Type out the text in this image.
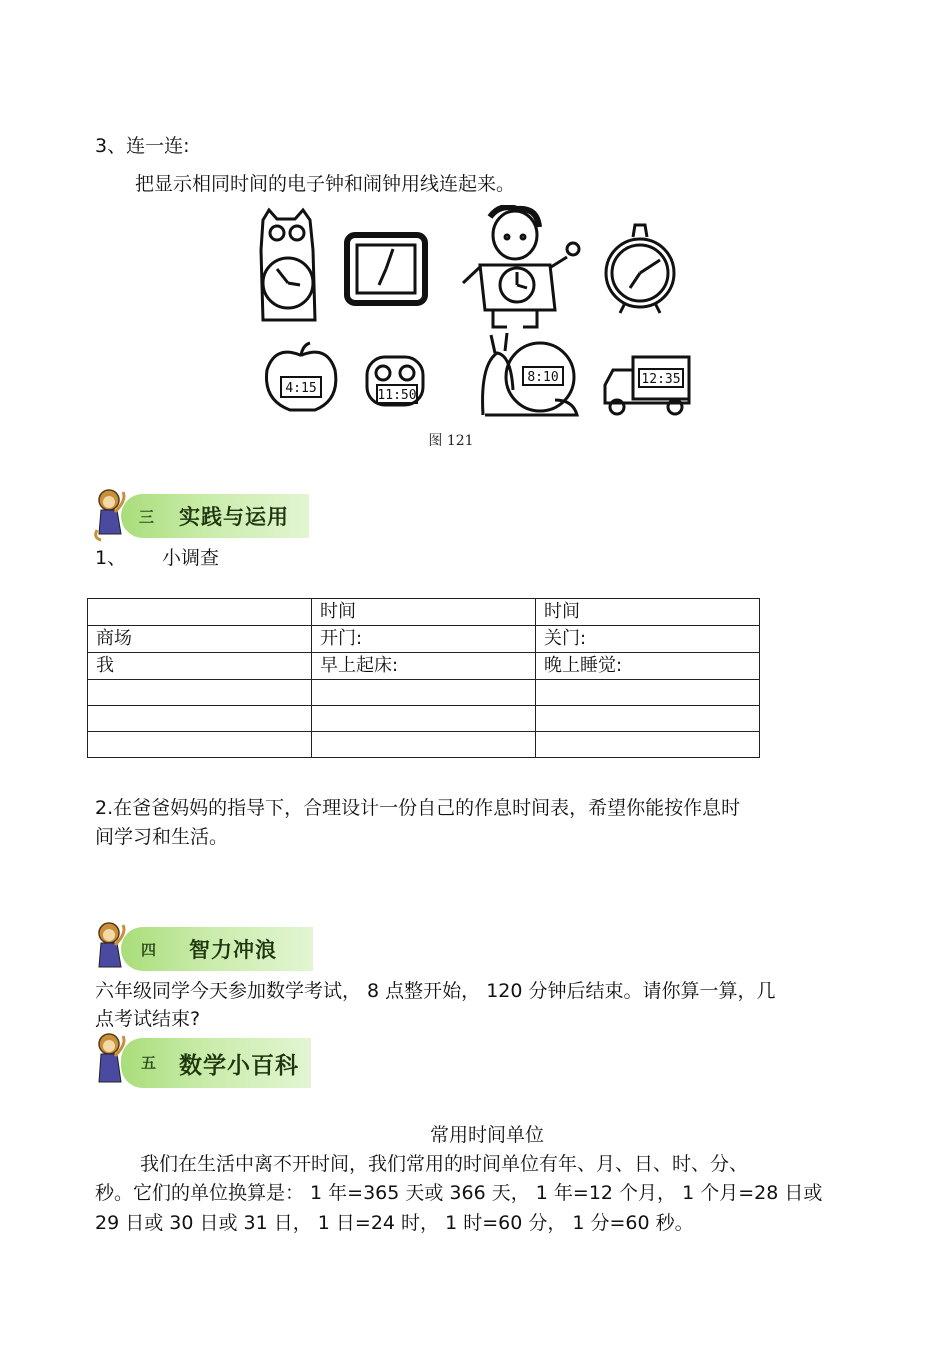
3、连一连:
把显示相同时间的电子钟和闹钟用线连起来。
4:15	11:50
8:10	12:35
图 121
三 实践与运用
1、 小调查
	时间	时间
商场	开门:	关门:
我	早上起床:	晚上睡觉:

2.在爸爸妈妈的指导下，合理设计一份自己的作息时间表，希望你能按作息时
间学习和生活。
四 智力冲浪
六年级同学今天参加数学考试， 8 点整开始， 120 分钟后结束。请你算一算，几
点考试结束?
五 数学小百科
常用时间单位
我们在生活中离不开时间，我们常用的时间单位有年、月、日、时、分、
秒。它们的单位换算是： 1 年=365 天或 366 天， 1 年=12 个月， 1 个月=28 日或
29 日或 30 日或 31 日， 1 日=24 时， 1 时=60 分， 1 分=60 秒。
